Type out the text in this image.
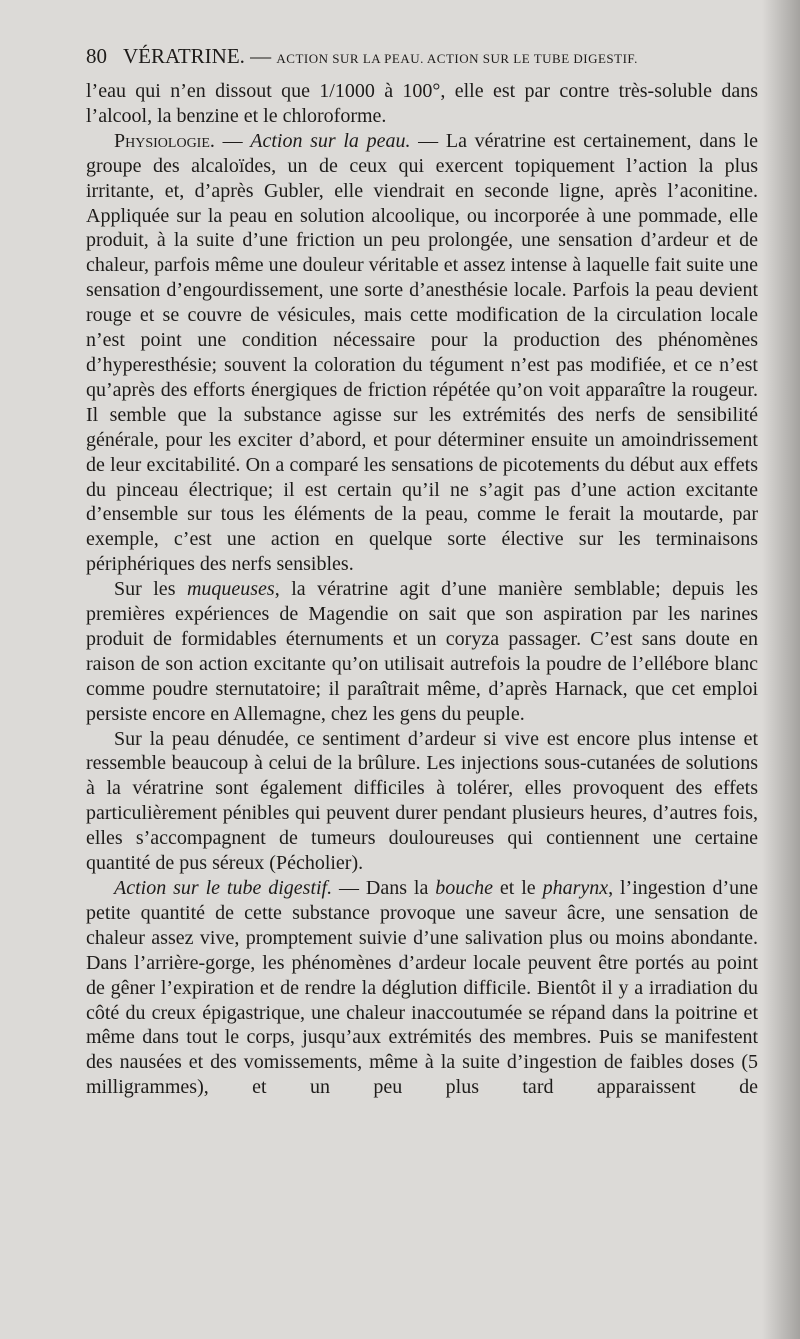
80 VÉRATRINE. — ACTION SUR LA PEAU. ACTION SUR LE TUBE DIGESTIF.

l’eau qui n’en dissout que 1/1000 à 100°, elle est par contre très-soluble dans l’alcool, la benzine et le chloroforme.

Physiologie. — Action sur la peau. — La vératrine est certainement, dans le groupe des alcaloïdes, un de ceux qui exercent topiquement l’action la plus irritante, et, d’après Gubler, elle viendrait en seconde ligne, après l’aconitine. Appliquée sur la peau en solution alcoolique, ou incorporée à une pommade, elle produit, à la suite d’une friction un peu prolongée, une sensation d’ardeur et de chaleur, parfois même une douleur véritable et assez intense à laquelle fait suite une sensation d’engourdissement, une sorte d’anesthésie locale. Parfois la peau devient rouge et se couvre de vésicules, mais cette modification de la circulation locale n’est point une condition nécessaire pour la production des phénomènes d’hyperesthésie; souvent la coloration du tégument n’est pas modifiée, et ce n’est qu’après des efforts énergiques de friction répétée qu’on voit apparaître la rougeur. Il semble que la substance agisse sur les extrémités des nerfs de sensibilité générale, pour les exciter d’abord, et pour déterminer ensuite un amoindrissement de leur excitabilité. On a comparé les sensations de picotements du début aux effets du pinceau électrique; il est certain qu’il ne s’agit pas d’une action excitante d’ensemble sur tous les éléments de la peau, comme le ferait la moutarde, par exemple, c’est une action en quelque sorte élective sur les terminaisons périphériques des nerfs sensibles.

Sur les muqueuses, la vératrine agit d’une manière semblable; depuis les premières expériences de Magendie on sait que son aspiration par les narines produit de formidables éternuments et un coryza passager. C’est sans doute en raison de son action excitante qu’on utilisait autrefois la poudre de l’ellébore blanc comme poudre sternutatoire; il paraîtrait même, d’après Harnack, que cet emploi persiste encore en Allemagne, chez les gens du peuple.

Sur la peau dénudée, ce sentiment d’ardeur si vive est encore plus intense et ressemble beaucoup à celui de la brûlure. Les injections sous-cutanées de solutions à la vératrine sont également difficiles à tolérer, elles provoquent des effets particulièrement pénibles qui peuvent durer pendant plusieurs heures, d’autres fois, elles s’accompagnent de tumeurs douloureuses qui contiennent une certaine quantité de pus séreux (Pécholier).

Action sur le tube digestif. — Dans la bouche et le pharynx, l’ingestion d’une petite quantité de cette substance provoque une saveur âcre, une sensation de chaleur assez vive, promptement suivie d’une salivation plus ou moins abondante. Dans l’arrière-gorge, les phénomènes d’ardeur locale peuvent être portés au point de gêner l’expiration et de rendre la déglution difficile. Bientôt il y a irradiation du côté du creux épigastrique, une chaleur inaccoutumée se répand dans la poitrine et même dans tout le corps, jusqu’aux extrémités des membres. Puis se manifestent des nausées et des vomissements, même à la suite d’ingestion de faibles doses (5 milligrammes), et un peu plus tard apparaissent de
